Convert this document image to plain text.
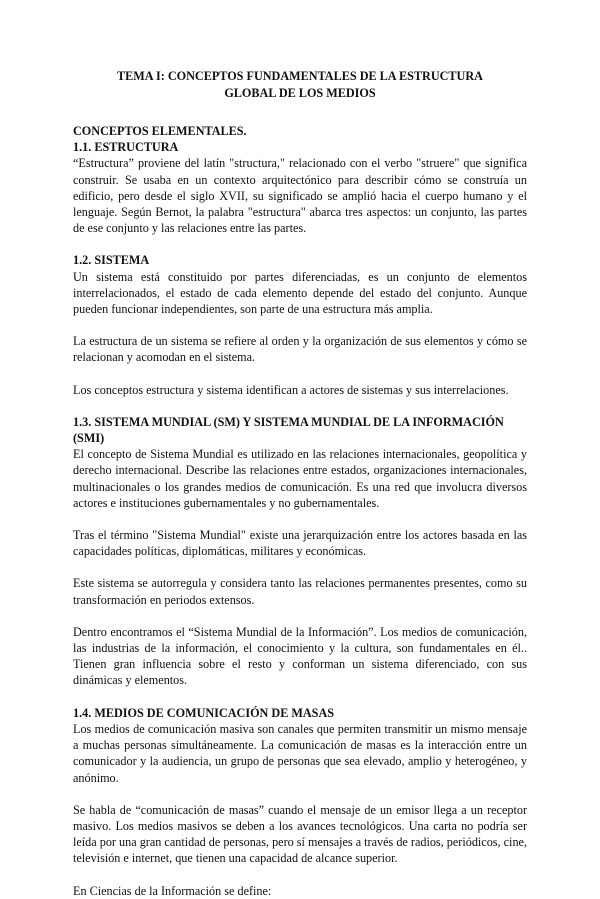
TEMA I: CONCEPTOS FUNDAMENTALES DE LA ESTRUCTURA GLOBAL DE LOS MEDIOS
CONCEPTOS ELEMENTALES.
1.1. ESTRUCTURA

“Estructura” proviene del latín "structura," relacionado con el verbo "struere" que significa construir. Se usaba en un contexto arquitectónico para describir cómo se construía un edificio, pero desde el siglo XVII, su significado se amplió hacia el cuerpo humano y el lenguaje. Según Bernot, la palabra "estructura" abarca tres aspectos: un conjunto, las partes de ese conjunto y las relaciones entre las partes.

1.2. SISTEMA

Un sistema está constituido por partes diferenciadas, es un conjunto de elementos interrelacionados, el estado de cada elemento depende del estado del conjunto. Aunque pueden funcionar independientes, son parte de una estructura más amplia.

La estructura de un sistema se refiere al orden y la organización de sus elementos y cómo se relacionan y acomodan en el sistema.

Los conceptos estructura y sistema identifican a actores de sistemas y sus interrelaciones.

1.3. SISTEMA MUNDIAL (SM) Y SISTEMA MUNDIAL DE LA INFORMACIÓN (SMI)

El concepto de Sistema Mundial es utilizado en las relaciones internacionales, geopolítica y derecho internacional. Describe las relaciones entre estados, organizaciones internacionales, multinacionales o los grandes medios de comunicación. Es una red que involucra diversos actores e instituciones gubernamentales y no gubernamentales.

Tras el término "Sistema Mundial" existe una jerarquización entre los actores basada en las capacidades políticas, diplomáticas, militares y económicas.

Este sistema se autorregula y considera tanto las relaciones permanentes presentes, como su transformación en periodos extensos.

Dentro encontramos el “Sistema Mundial de la Información”. Los medios de comunicación, las industrias de la información, el conocimiento y la cultura, son fundamentales en él.. Tienen gran influencia sobre el resto y conforman un sistema diferenciado, con sus dinámicas y elementos.

1.4. MEDIOS DE COMUNICACIÓN DE MASAS

Los medios de comunicación masiva son canales que permiten transmitir un mismo mensaje a muchas personas simultáneamente. La comunicación de masas es la interacción entre un comunicador y la audiencia, un grupo de personas que sea elevado, amplio y heterogéneo, y anónimo.

Se habla de “comunicación de masas” cuando el mensaje de un emisor llega a un receptor masivo. Los medios masivos se deben a los avances tecnológicos. Una carta no podría ser leída por una gran cantidad de personas, pero sí mensajes a través de radios, periódicos, cine, televisión e internet, que tienen una capacidad de alcance superior.

En Ciencias de la Información se define:
